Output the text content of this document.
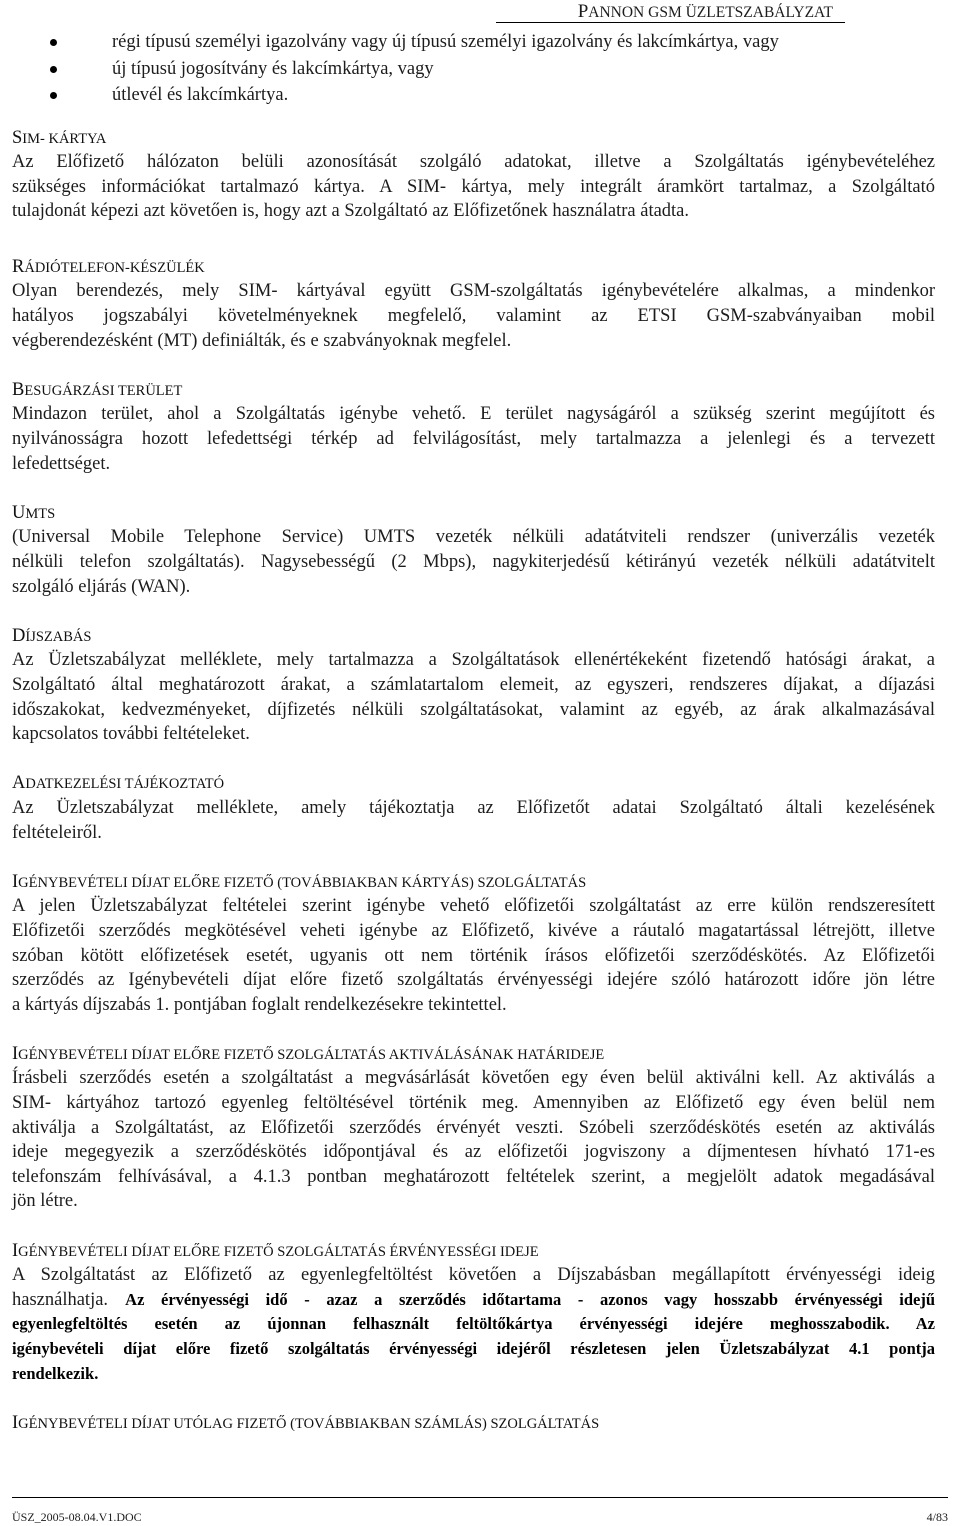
PANNON GSM ÜZLETSZABÁLYZAT
régi típusú személyi igazolvány vagy új típusú személyi igazolvány és lakcímkártya, vagy
új típusú jogosítvány és lakcímkártya, vagy
útlevél és lakcímkártya.
SIM- KÁRTYA
Az Előfizető hálózaton belüli azonosítását szolgáló adatokat, illetve a Szolgáltatás igénybevételéhez
szükséges információkat tartalmazó kártya. A SIM- kártya, mely integrált áramkört tartalmaz, a Szolgáltató
tulajdonát képezi azt követően is, hogy azt a Szolgáltató az Előfizetőnek használatra átadta.
RÁDIÓTELEFON-KÉSZÜLÉK
Olyan berendezés, mely SIM- kártyával együtt GSM-szolgáltatás igénybevételére alkalmas, a mindenkor
hatályos jogszabályi követelményeknek megfelelő, valamint az ETSI GSM-szabványaiban mobil
végberendezésként (MT) definiálták, és e szabványoknak megfelel.
BESUGÁRZÁSI TERÜLET
Mindazon terület, ahol a Szolgáltatás igénybe vehető. E terület nagyságáról a szükség szerint megújított és
nyilvánosságra hozott lefedettségi térkép ad felvilágosítást, mely tartalmazza a jelenlegi és a tervezett
lefedettséget.
UMTS
(Universal Mobile Telephone Service) UMTS vezeték nélküli adatátviteli rendszer (univerzális vezeték
nélküli telefon szolgáltatás). Nagysebességű (2 Mbps), nagykiterjedésű kétirányú vezeték nélküli adatátvitelt
szolgáló eljárás (WAN).
DÍJSZABÁS
Az Üzletszabályzat melléklete, mely tartalmazza a Szolgáltatások ellenértékeként fizetendő hatósági árakat, a
Szolgáltató által meghatározott árakat, a számlatartalom elemeit, az egyszeri, rendszeres díjakat, a díjazási
időszakokat, kedvezményeket, díjfizetés nélküli szolgáltatásokat, valamint az egyéb, az árak alkalmazásával
kapcsolatos további feltételeket.
ADATKEZELÉSI TÁJÉKOZTATÓ
Az Üzletszabályzat melléklete, amely tájékoztatja az Előfizetőt adatai Szolgáltató általi kezelésének
feltételeiről.
IGÉNYBEVÉTELI DÍJAT ELŐRE FIZETŐ (TOVÁBBIAKBAN KÁRTYÁS) SZOLGÁLTATÁS
A jelen Üzletszabályzat feltételei szerint igénybe vehető előfizetői szolgáltatást az erre külön rendszeresített
Előfizetői szerződés megkötésével veheti igénybe az Előfizető, kivéve a ráutaló magatartással létrejött, illetve
szóban kötött előfizetések esetét, ugyanis ott nem történik írásos előfizetői szerződéskötés. Az Előfizetői
szerződés az Igénybevételi díjat előre fizető szolgáltatás érvényességi idejére szóló határozott időre jön létre
a kártyás díjszabás 1. pontjában foglalt rendelkezésekre tekintettel.
IGÉNYBEVÉTELI DÍJAT ELŐRE FIZETŐ SZOLGÁLTATÁS AKTIVÁLÁSÁNAK HATÁRIDEJE
Írásbeli szerződés esetén a szolgáltatást a megvásárlását követően egy éven belül aktiválni kell. Az aktiválás a
SIM- kártyához tartozó egyenleg feltöltésével történik meg. Amennyiben az Előfizető egy éven belül nem
aktiválja a Szolgáltatást, az Előfizetői szerződés érvényét veszti. Szóbeli szerződéskötés esetén az aktiválás
ideje megegyezik a szerződéskötés időpontjával és az előfizetői jogviszony a díjmentesen hívható 171-es
telefonszám felhívásával, a 4.1.3 pontban meghatározott feltételek szerint, a megjelölt adatok megadásával
jön létre.
IGÉNYBEVÉTELI DÍJAT ELŐRE FIZETŐ SZOLGÁLTATÁS ÉRVÉNYESSÉGI IDEJE
A Szolgáltatást az Előfizető az egyenlegfeltöltést követően a Díjszabásban megállapított érvényességi ideig
használhatja. Az érvényességi idő - azaz a szerződés időtartama - azonos vagy hosszabb érvényességi idejű
egyenlegfeltöltés esetén az újonnan felhasznált feltöltőkártya érvényességi idejére meghosszabodik. Az
igénybevételi díjat előre fizető szolgáltatás érvényességi idejéről részletesen jelen Üzletszabályzat 4.1 pontja
rendelkezik.
IGÉNYBEVÉTELI DÍJAT UTÓLAG FIZETŐ (TOVÁBBIAKBAN SZÁMLÁS) SZOLGÁLTATÁS
ÜSZ_2005-08.04.V1.DOC	4/83
